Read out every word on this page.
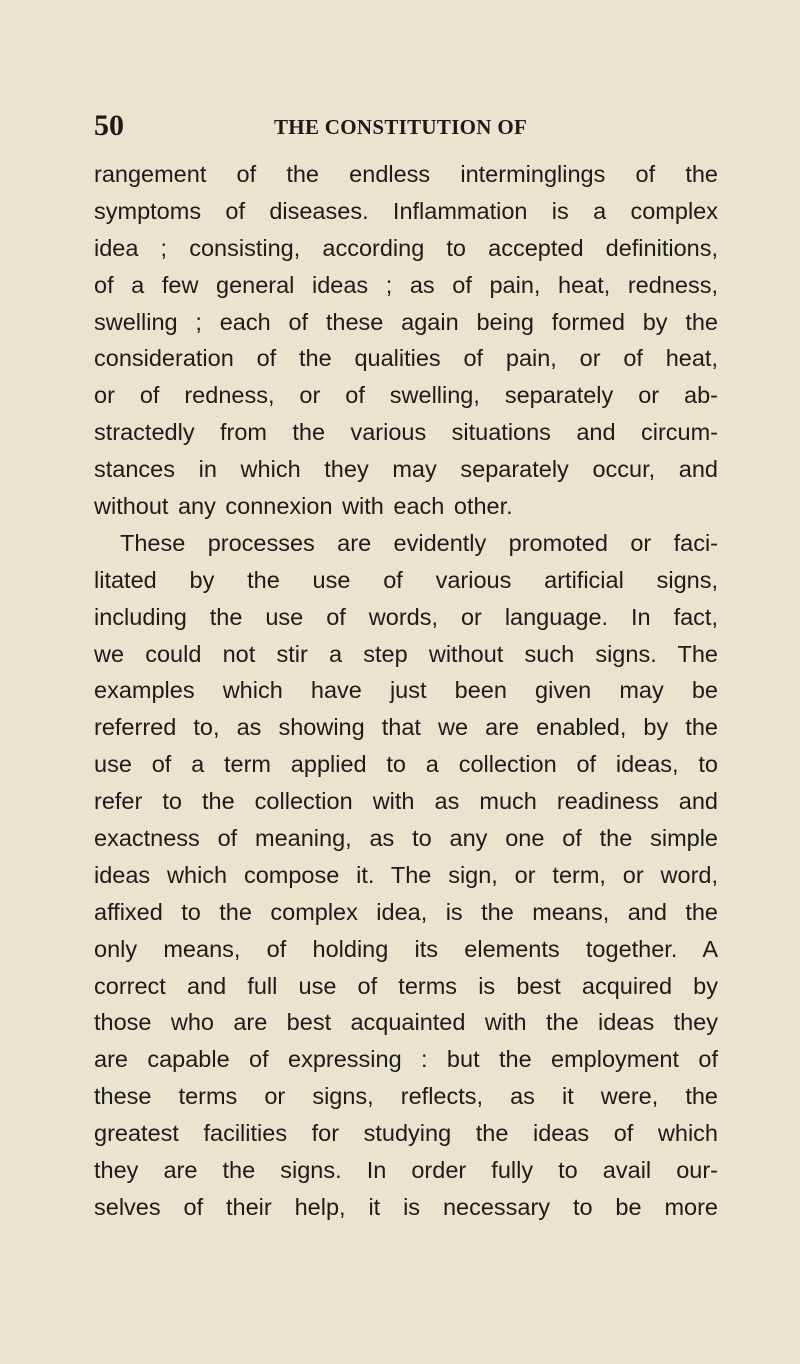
50	THE CONSTITUTION OF
rangement of the endless interminglings of the
symptoms of diseases. Inflammation is a complex
idea ; consisting, according to accepted definitions,
of a few general ideas ; as of pain, heat, redness,
swelling ; each of these again being formed by the
consideration of the qualities of pain, or of heat,
or of redness, or of swelling, separately or ab-
stractedly from the various situations and circum-
stances in which they may separately occur, and
without any connexion with each other.
These processes are evidently promoted or faci-
litated by the use of various artificial signs,
including the use of words, or language. In fact,
we could not stir a step without such signs. The
examples which have just been given may be
referred to, as showing that we are enabled, by the
use of a term applied to a collection of ideas, to
refer to the collection with as much readiness and
exactness of meaning, as to any one of the simple
ideas which compose it. The sign, or term, or word,
affixed to the complex idea, is the means, and the
only means, of holding its elements together. A
correct and full use of terms is best acquired by
those who are best acquainted with the ideas they
are capable of expressing : but the employment of
these terms or signs, reflects, as it were, the
greatest facilities for studying the ideas of which
they are the signs. In order fully to avail our-
selves of their help, it is necessary to be more
